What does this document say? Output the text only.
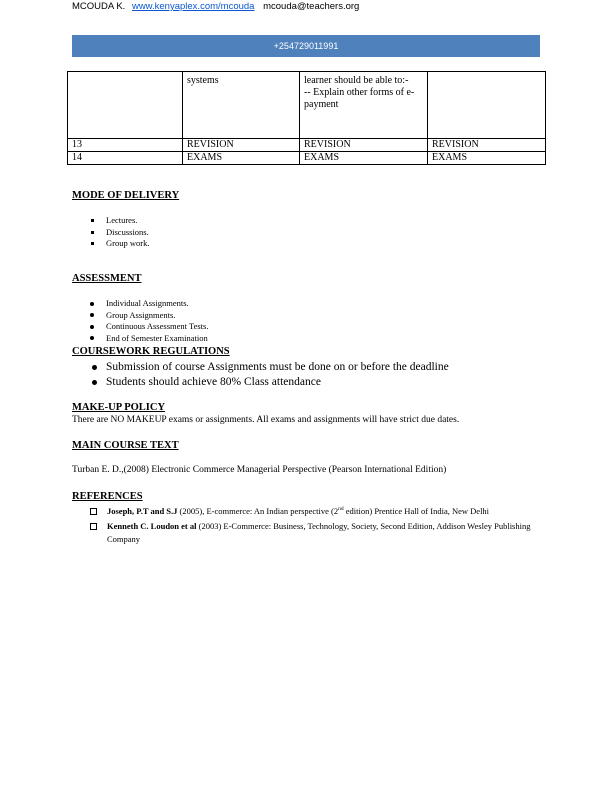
MCOUDA K. www.kenyaplex.com/mcouda mcouda@teachers.org
+254729011991
	systems	learner should be able to:-
-- Explain other forms of e-payment	
13	REVISION	REVISION	REVISION
14	EXAMS	EXAMS	EXAMS
MODE OF DELIVERY
Lectures.
Discussions.
Group work.
ASSESSMENT
Individual Assignments.
Group Assignments.
Continuous Assessment Tests.
End of Semester Examination
COURSEWORK REGULATIONS
Submission of course Assignments must be done on or before the deadline
Students should achieve 80% Class attendance
MAKE-UP POLICY
There are NO MAKEUP exams or assignments. All exams and assignments will have strict due dates.
MAIN COURSE TEXT
Turban E. D.,(2008) Electronic Commerce Managerial Perspective (Pearson International Edition)
REFERENCES
Joseph, P.T and S.J (2005), E-commerce: An Indian perspective (2nd edition) Prentice Hall of India, New Delhi
Kenneth C. Loudon et al (2003) E-Commerce: Business, Technology, Society, Second Edition, Addison Wesley Publishing Company
